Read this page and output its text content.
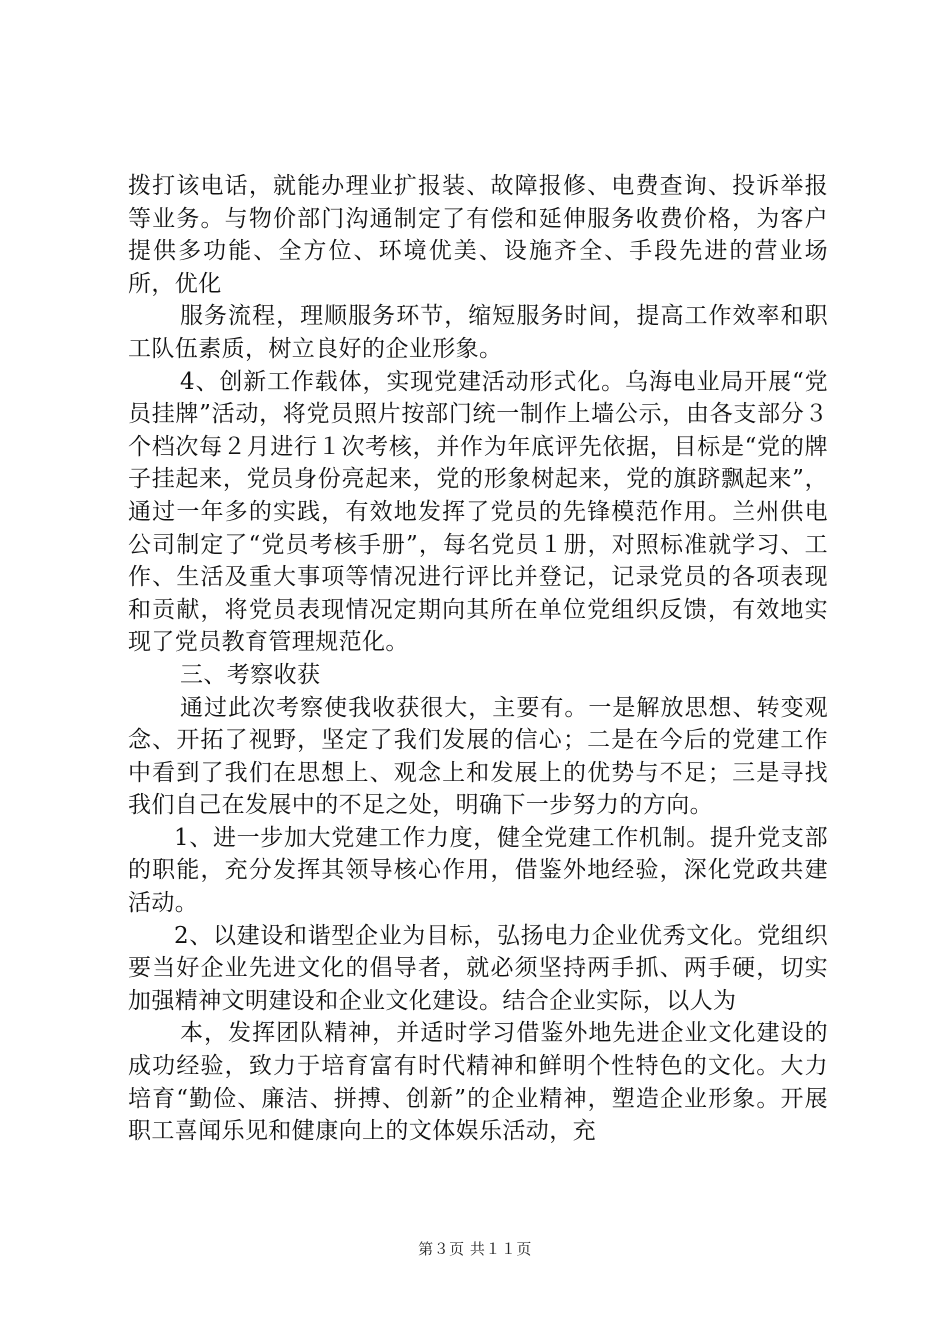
拨打该电话，就能办理业扩报装、故障报修、电费查询、投诉举报等业务。与物价部门沟通制定了有偿和延伸服务收费价格，为客户提供多功能、全方位、环境优美、设施齐全、手段先进的营业场所，优化

服务流程，理顺服务环节，缩短服务时间，提高工作效率和职工队伍素质，树立良好的企业形象。

4、创新工作载体，实现党建活动形式化。乌海电业局开展“党员挂牌”活动，将党员照片按部门统一制作上墙公示，由各支部分３个档次每２月进行１次考核，并作为年底评先依据，目标是“党的牌子挂起来，党员身份亮起来，党的形象树起来，党的旗跻飘起来”，通过一年多的实践，有效地发挥了党员的先锋模范作用。兰州供电公司制定了“党员考核手册”，每名党员１册，对照标准就学习、工作、生活及重大事项等情况进行评比并登记，记录党员的各项表现和贡献，将党员表现情况定期向其所在单位党组织反馈，有效地实现了党员教育管理规范化。

三、考察收获

通过此次考察使我收获很大，主要有。一是解放思想、转变观念、开拓了视野，坚定了我们发展的信心；二是在今后的党建工作中看到了我们在思想上、观念上和发展上的优势与不足；三是寻找我们自己在发展中的不足之处，明确下一步努力的方向。

1、进一步加大党建工作力度，健全党建工作机制。提升党支部的职能，充分发挥其领导核心作用，借鉴外地经验，深化党政共建活动。

2、以建设和谐型企业为目标，弘扬电力企业优秀文化。党组织要当好企业先进文化的倡导者，就必须坚持两手抓、两手硬，切实加强精神文明建设和企业文化建设。结合企业实际，以人为

本，发挥团队精神，并适时学习借鉴外地先进企业文化建设的成功经验，致力于培育富有时代精神和鲜明个性特色的文化。大力培育“勤俭、廉洁、拼搏、创新”的企业精神，塑造企业形象。开展职工喜闻乐见和健康向上的文体娱乐活动，充

第３页 共１１页
